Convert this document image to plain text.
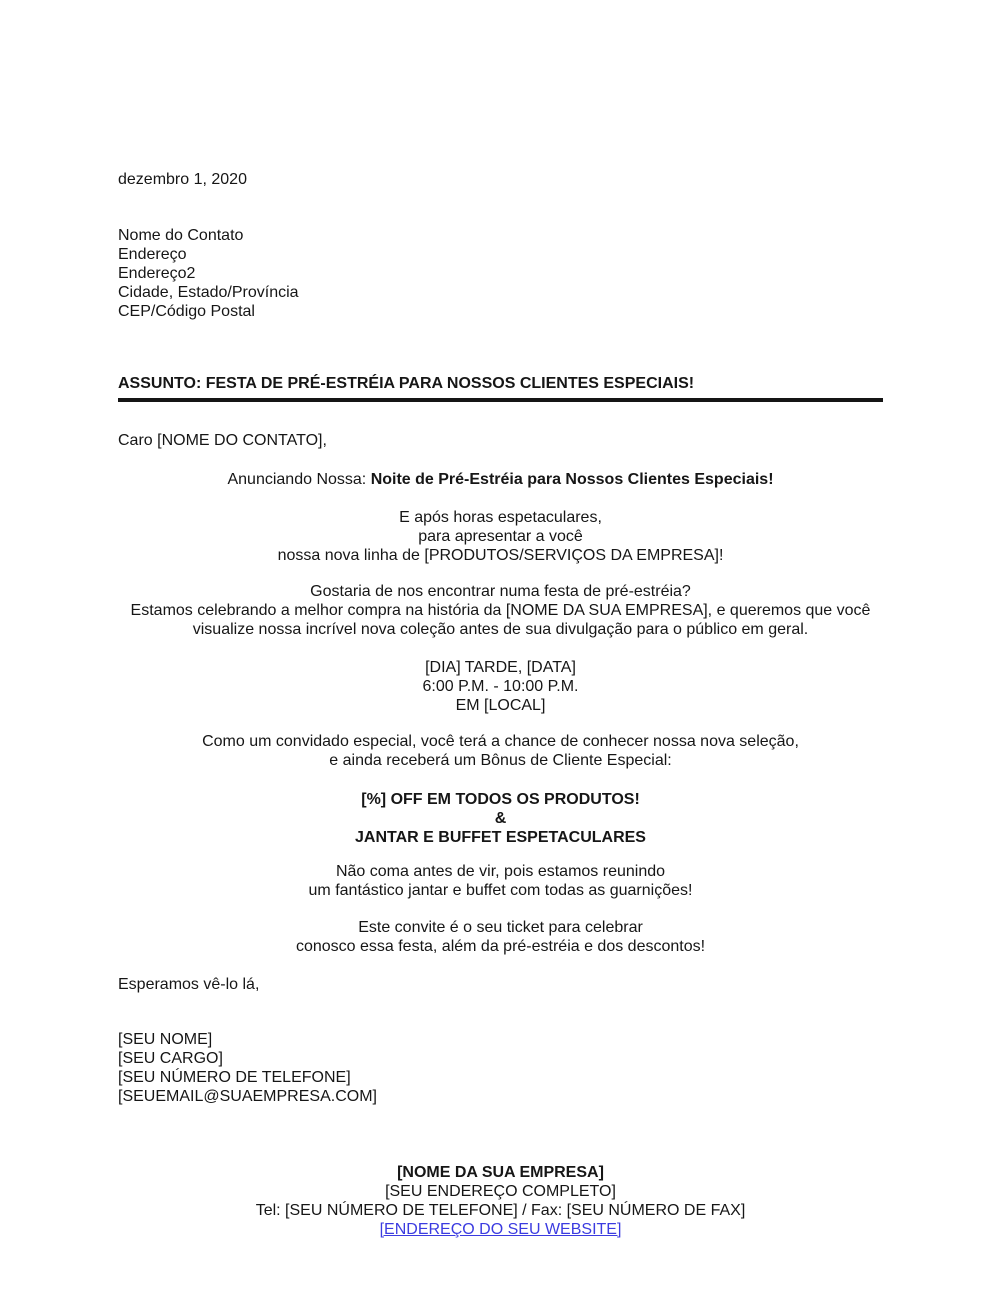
dezembro 1, 2020
Nome do Contato
Endereço
Endereço2
Cidade, Estado/Província
CEP/Código Postal
ASSUNTO: FESTA DE PRÉ-ESTRÉIA PARA NOSSOS CLIENTES ESPECIAIS!
Caro [NOME DO CONTATO],
Anunciando Nossa: Noite de Pré-Estréia para Nossos Clientes Especiais!
E após horas espetaculares,
para apresentar a você
nossa nova linha de [PRODUTOS/SERVIÇOS DA EMPRESA]!
Gostaria de nos encontrar numa festa de pré-estréia?
Estamos celebrando a melhor compra na história da [NOME DA SUA EMPRESA], e queremos que você
visualize nossa incrível nova coleção antes de sua divulgação para o público em geral.
[DIA] TARDE, [DATA]
6:00 P.M. - 10:00 P.M.
EM [LOCAL]
Como um convidado especial, você terá a chance de conhecer nossa nova seleção,
e ainda receberá um Bônus de Cliente Especial:
[%] OFF EM TODOS OS PRODUTOS!
&
JANTAR E BUFFET ESPETACULARES
Não coma antes de vir, pois estamos reunindo
um fantástico jantar e buffet com todas as guarnições!
Este convite é o seu ticket para celebrar
conosco essa festa, além da pré-estréia e dos descontos!
Esperamos vê-lo lá,
[SEU NOME]
[SEU CARGO]
[SEU NÚMERO DE TELEFONE]
[SEUEMAIL@SUAEMPRESA.COM]
[NOME DA SUA EMPRESA]
[SEU ENDEREÇO COMPLETO]
Tel: [SEU NÚMERO DE TELEFONE] / Fax: [SEU NÚMERO DE FAX]
[ENDEREÇO DO SEU WEBSITE]
